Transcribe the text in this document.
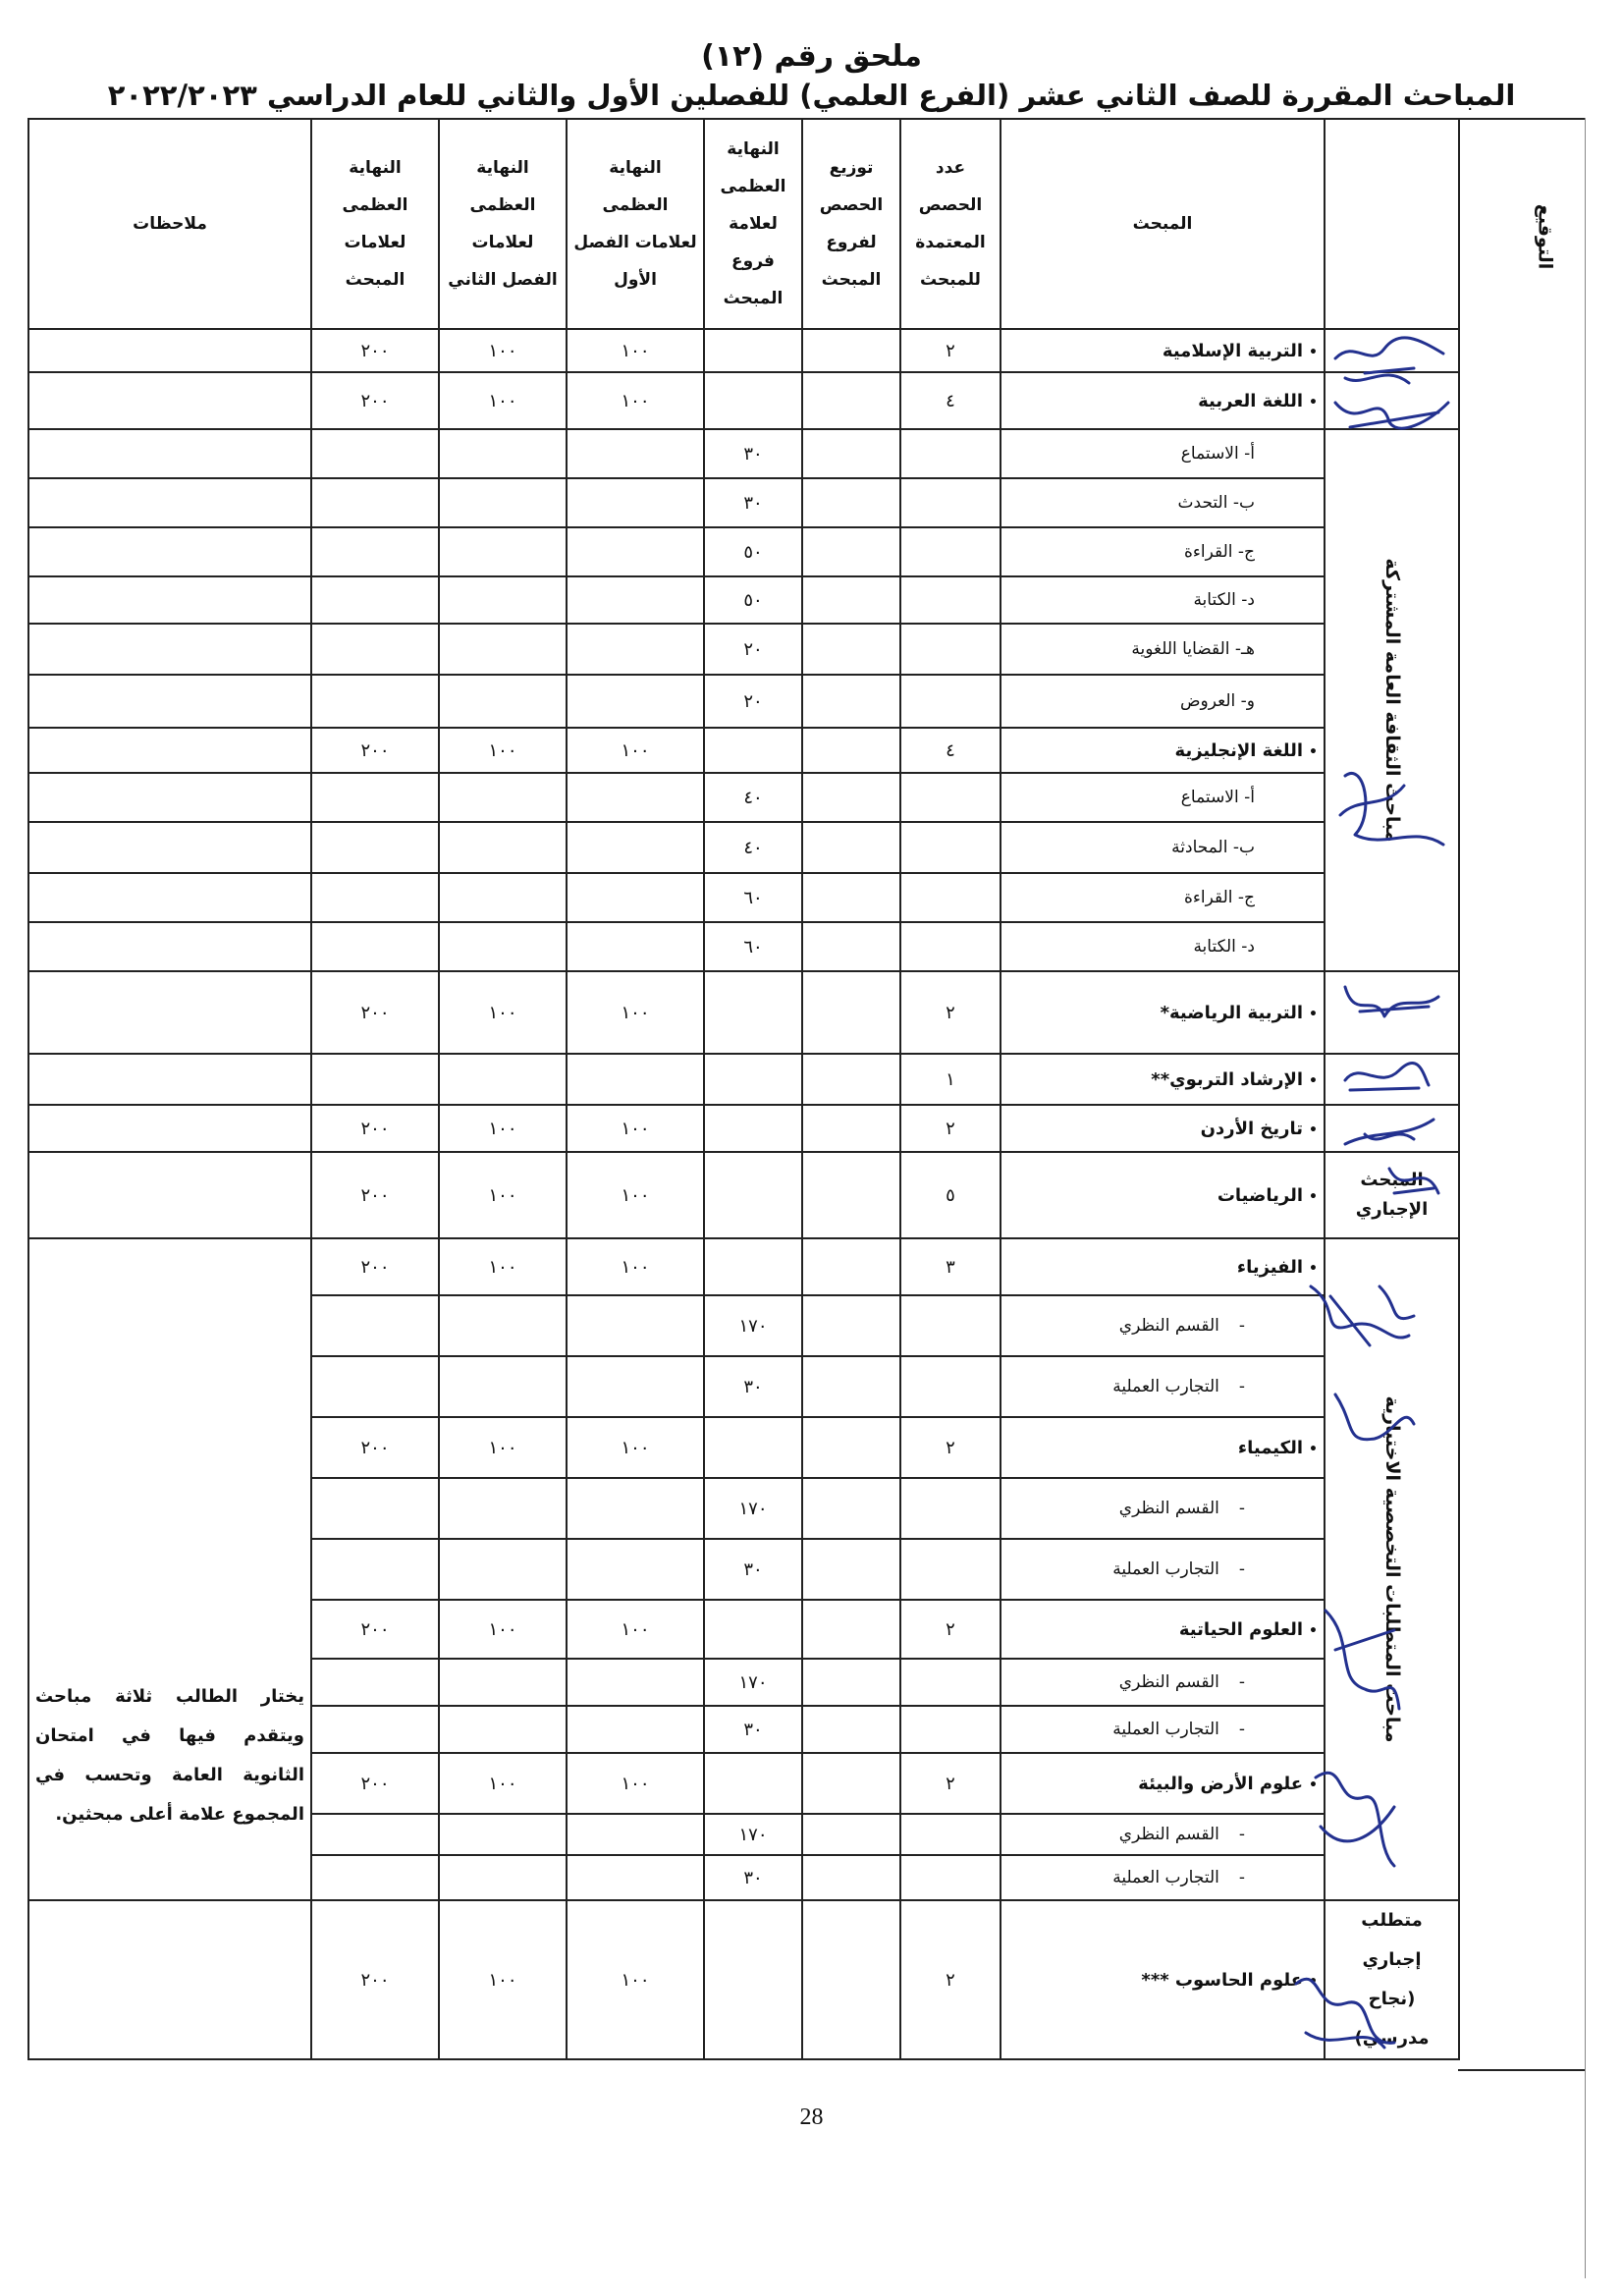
ملحق رقم (١٢)
المباحث المقررة للصف الثاني عشر (الفرع العلمي) للفصلين الأول والثاني للعام الدراسي ٢٠٢٢/٢٠٢٣
	المبحث	عدد الحصص المعتمدة للمبحث	توزيع الحصص لفروع المبحث	النهاية العظمى لعلامة فروع المبحث	النهاية العظمى لعلامات الفصل الأول	النهاية العظمى لعلامات الفصل الثاني	النهاية العظمى لعلامات المبحث	ملاحظات
	•التربية الإسلامية	٢			١٠٠	١٠٠	٢٠٠	
	•اللغة العربية	٤			١٠٠	١٠٠	٢٠٠	

مباحث الثقافة العامة المشتركة	أ- الاستماع			٣٠				
	ب- التحدث			٣٠				
	ج- القراءة			٥٠				
	د- الكتابة			٥٠				
	هـ- القضايا اللغوية			٢٠				
	و- العروض			٢٠				
	•اللغة الإنجليزية	٤			١٠٠	١٠٠	٢٠٠	
	أ- الاستماع			٤٠				
	ب- المحادثة			٤٠				
	ج- القراءة			٦٠				
	د- الكتابة			٦٠				
	•التربية الرياضية*	٢			١٠٠	١٠٠	٢٠٠	
	•الإرشاد التربوي**	١						
	•تاريخ الأردن	٢			١٠٠	١٠٠	٢٠٠	
المبحث الإجباري	•الرياضيات	٥			١٠٠	١٠٠	٢٠٠	

مباحث المتطلبات التخصصية الاختيارية	•الفيزياء	٣			١٠٠	١٠٠	٢٠٠	يختار الطالب ثلاثة مباحث ويتقدم فيها في امتحان الثانوية العامة وتحسب في المجموع علامة أعلى مبحثين.

	-القسم النظري			١٧٠				
	-التجارب العملية			٣٠				
	•الكيمياء	٢			١٠٠	١٠٠	٢٠٠	
	-القسم النظري			١٧٠				
	-التجارب العملية			٣٠				
	•العلوم الحياتية	٢			١٠٠	١٠٠	٢٠٠	
	-القسم النظري			١٧٠				
	-التجارب العملية			٣٠				
	•علوم الأرض والبيئة	٢			١٠٠	١٠٠	٢٠٠	
	-القسم النظري			١٧٠				
	-التجارب العملية			٣٠				
متطلب إجباري (نجاح مدرسي)	•علوم الحاسوب ***	٢			١٠٠	١٠٠	٢٠٠	
التوقيع
28
